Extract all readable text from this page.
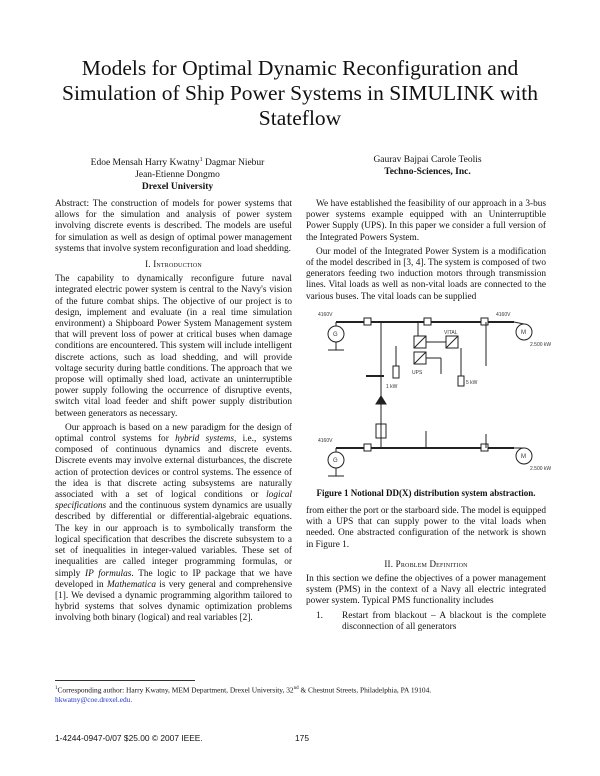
Models for Optimal Dynamic Reconfiguration and Simulation of Ship Power Systems in SIMULINK with Stateflow
Edoe Mensah Harry Kwatny$^1$ Dagmar Niebur
Jean-Etienne Dongmo
Drexel University
Gaurav Bajpai Carole Teolis
Techno-Sciences, Inc.

Abstract: The construction of models for power systems that allows for the simulation and analysis of power system involving discrete events is described. The models are useful for simulation as well as design of optimal power management systems that involve system reconfiguration and load shedding.

I. Introduction

The capability to dynamically reconfigure future naval integrated electric power system is central to the Navy's vision of the future combat ships. The objective of our project is to design, implement and evaluate (in a real time simulation environment) a Shipboard Power System Management system that will prevent loss of power at critical buses when damage conditions are encountered. This system will include intelligent discrete actions, such as load shedding, and will provide voltage security during battle conditions. The approach that we propose will optimally shed load, activate an uninterruptible power supply following the occurrence of disruptive events, switch vital load feeder and shift power supply distribution between generators as necessary.

Our approach is based on a new paradigm for the design of optimal control systems for hybrid systems, i.e., systems composed of continuous dynamics and discrete events. Discrete events may involve external disturbances, the discrete action of protection devices or control systems. The essence of the idea is that discrete acting subsystems are naturally associated with a set of logical conditions or logical specifications and the continuous system dynamics are usually described by differential or differential-algebraic equations. The key in our approach is to symbolically transform the logical specification that describes the discrete subsystem to a set of inequalities in integer-valued variables. These set of inequalities are called integer programming formulas, or simply IP formulas. The logic to IP package that we have developed in Mathematica is very general and comprehensive [1]. We devised a dynamic programming algorithm tailored to hybrid systems that solves dynamic optimization problems involving both binary (logical) and real variables [2].

We have established the feasibility of our approach in a 3-bus power systems example equipped with an Uninterruptible Power Supply (UPS). In this paper we consider a full version of the Integrated Powers System.

Our model of the Integrated Power System is a modification of the model described in [3, 4]. The system is composed of two generators feeding two induction motors through transmission lines. Vital loads as well as non-vital loads are connected to the various buses. The vital loads can be supplied

4160V	4160V
2.500 kW
4160V
2.500 kW
G
G
M
M
UPS
VITAL
1 kW
5 kW
Figure 1 Notional DD(X) distribution system abstraction.

from either the port or the starboard side. The model is equipped with a UPS that can supply power to the vital loads when needed. One abstracted configuration of the network is shown in Figure 1.

II. Problem Definition

In this section we define the objectives of a power management system (PMS) in the context of a Navy all electric integrated power system. Typical PMS functionality includes

1.	Restart from blackout – A blackout is the complete disconnection of all generators
$^1$Corresponding author: Harry Kwatny, MEM Department, Drexel University, 32nd & Chestnut Streets, Philadelphia, PA 19104.
hkwatny@coe.drexel.edu.
1-4244-0947-0/07 $25.00 © 2007 IEEE.	175
